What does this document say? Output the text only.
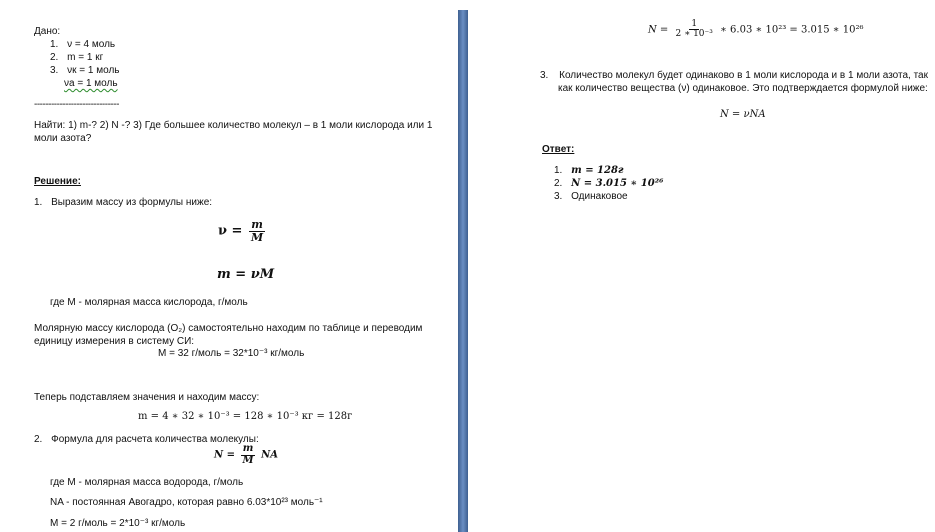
Дано:
1. ν = 4 моль
2. m = 1 кг
3. νк = 1 моль
νа = 1 моль
------------------------------
Найти: 1) m-? 2) N -? 3) Где большее количество молекул – в 1 моли кислорода или 1
моли азота?
Решение:
1. Выразим массу из формулы ниже:
$\nu = \frac{m}{M}$
m = νM
где M - молярная масса кислорода, г/моль
Молярную массу кислорода (О₂) самостоятельно находим по таблице и переводим
единицу измерения в систему СИ:
M = 32 г/моль = 32*10⁻³ кг/моль
Теперь подставляем значения и находим массу:
m = 4 ∗ 32 ∗ 10⁻³ = 128 ∗ 10⁻³ кг = 128г
2. Формула для расчета количества молекулы:
$N = \frac{m}{M}$ NA
где M - молярная масса водорода, г/моль
NA - постоянная Авогадро, которая равно 6.03*10²³ моль⁻¹
M = 2 г/моль = 2*10⁻³ кг/моль
$N = \frac{1}{\text{2 ∗ 10⁻³}}$ ∗ 6.03 ∗ 10²³ = 3.015 ∗ 10²⁶
3. Количество молекул будет одинаково в 1 моли кислорода и в 1 моли азота, так
как количество вещества (ν) одинаковое. Это подтверждается формулой ниже:
N = νNA
Ответ:
1. m = 128г
2. N = 3.015 ∗ 10²⁶
3. Одинаковое
